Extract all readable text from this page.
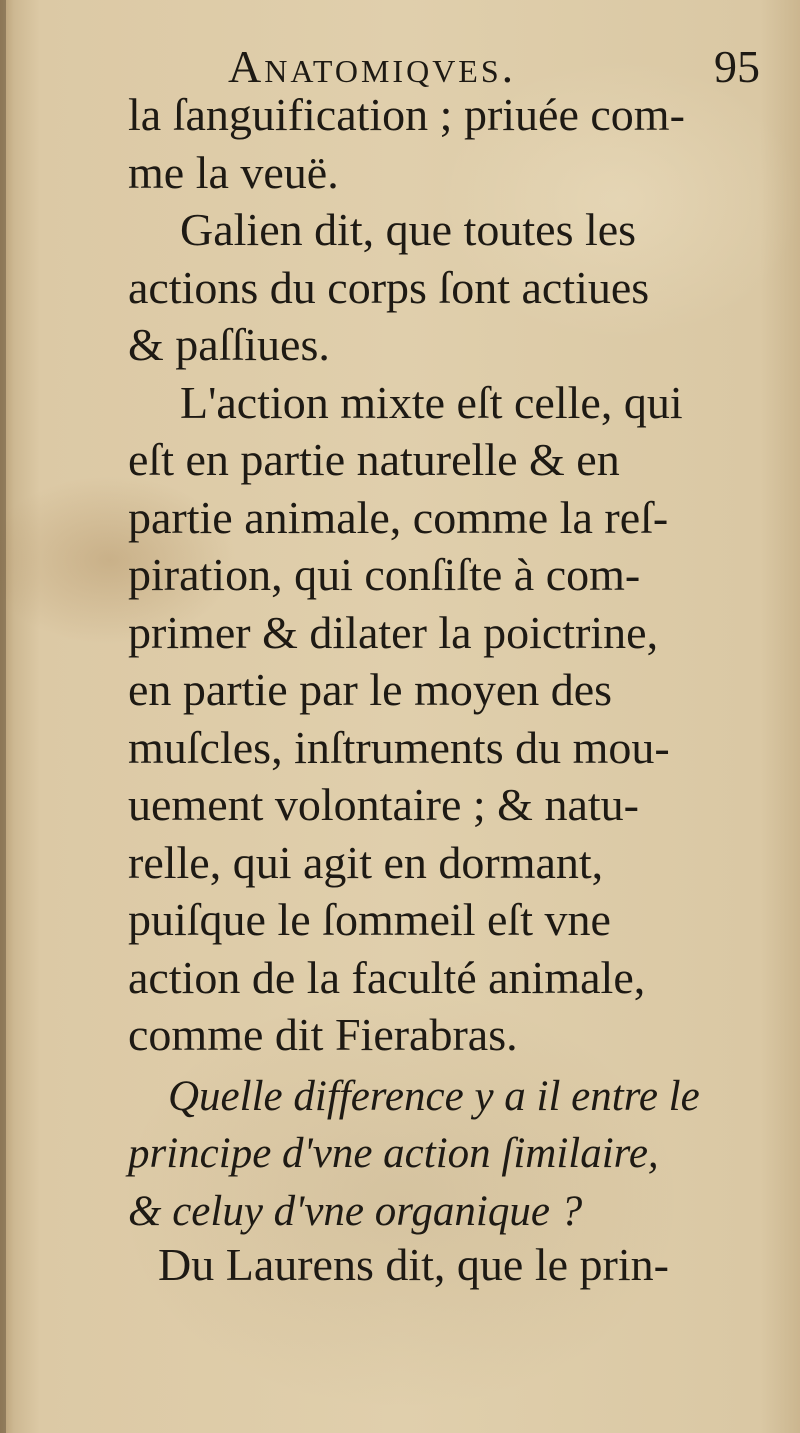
Anatomiqves.	95
la ſanguification ; priuée com-
me la veuë.
Galien dit, que toutes les
actions du corps ſont actiues
& paſſiues.
L'action mixte eſt celle, qui
eſt en partie naturelle & en
partie animale, comme la reſ-
piration, qui conſiſte à com-
primer & dilater la poictrine,
en partie par le moyen des
muſcles, inſtruments du mou-
uement volontaire ; & natu-
relle, qui agit en dormant,
puiſque le ſommeil eſt vne
action de la faculté animale,
comme dit Fierabras.
Quelle difference y a il entre le
principe d'vne action ſimilaire,
& celuy d'vne organique ?
Du Laurens dit, que le prin-
